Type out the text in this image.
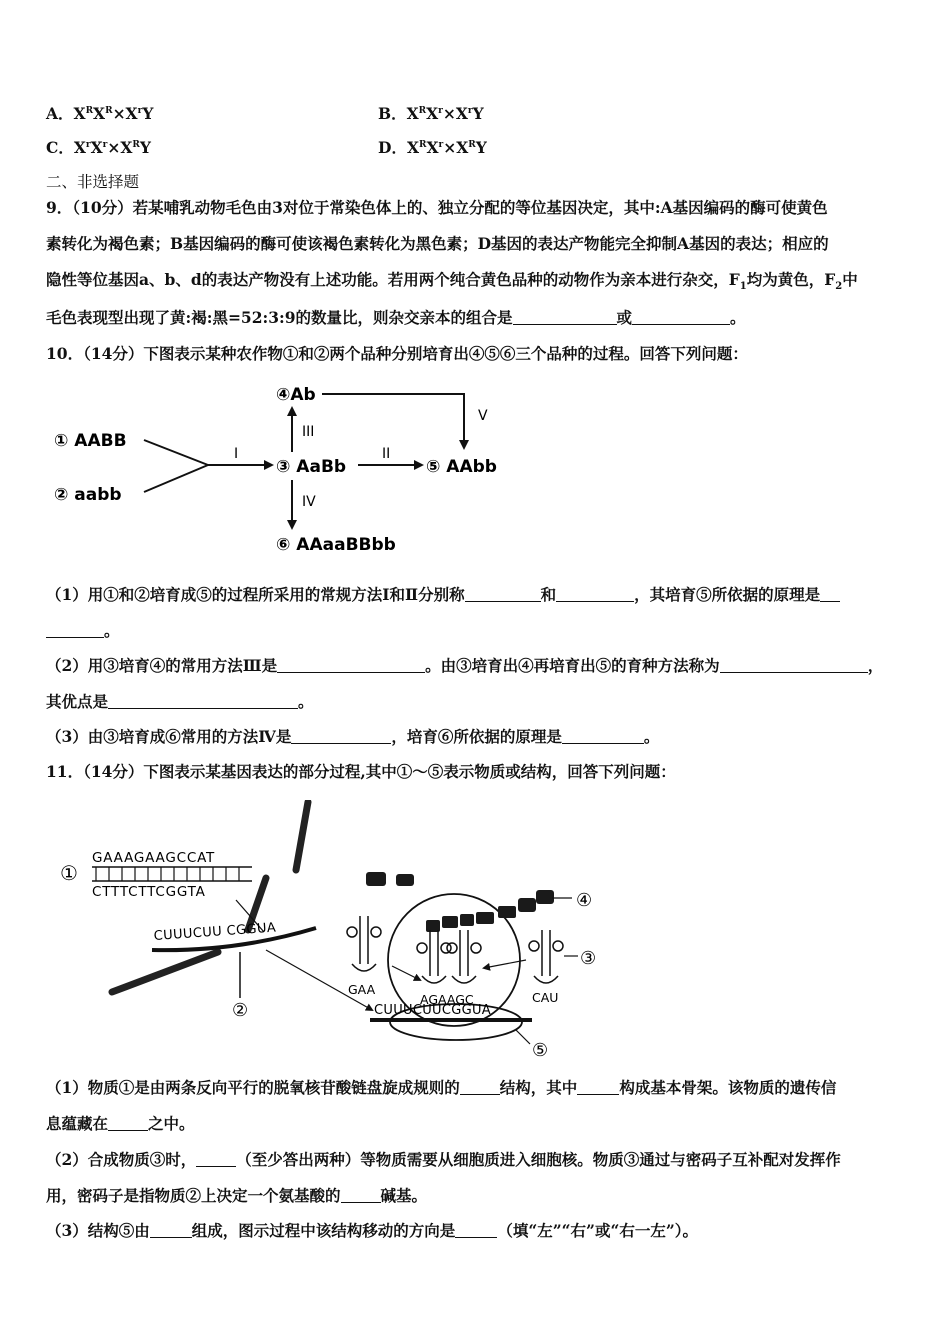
A．$X^RX^R\times X^rY$	B．$X^RX^r\times X^rY$
C．$X^rX^r\times X^RY$	D．$X^RX^r\times X^RY$
二、非选择题
9．（10分）若某哺乳动物毛色由3对位于常染色体上的、独立分配的等位基因决定，其中:A基因编码的酶可使黄色
素转化为褐色素；B基因编码的酶可使该褐色素转化为黑色素；D基因的表达产物能完全抑制A基因的表达；相应的
隐性等位基因a、b、d的表达产物没有上述功能。若用两个纯合黄色品种的动物作为亲本进行杂交，$F_1$均为黄色，$F_2$中
毛色表现型出现了黄:褐:黑=52:3:9的数量比，则杂交亲本的组合是	或	。
10．（14分）下图表示某种农作物①和②两个品种分别培育出④⑤⑥三个品种的过程。回答下列问题：
① AABB
② aabb
③ AaBb
④Ab
⑤ AAbb
⑥ AAaaBBbb
I	II
III
IV
V
（1）用①和②培育成⑤的过程所采用的常规方法Ⅰ和Ⅱ分别称	和	，其培育⑤所依据的原理是
。
（2）用③培育④的常用方法Ⅲ是	。由③培育出④再培育出⑤的育种方法称为	，
其优点是	。
（3）由③培育成⑥常用的方法Ⅳ是	，培育⑥所依据的原理是	。
11．（14分）下图表示某基因表达的部分过程,其中①～⑤表示物质或结构，回答下列问题：
①
GAAAGAAGCCAT
CTTTCTTCGGTA
CUUUCUU CGGUA
②	CUUUCUUCGGUA
⑤
④
GAA
AGAAGC	CAU
③
（1）物质①是由两条反向平行的脱氧核苷酸链盘旋成规则的	结构，其中	构成基本骨架。该物质的遗传信
息蕴藏在	之中。
（2）合成物质③时，	（至少答出两种）等物质需要从细胞质进入细胞核。物质③通过与密码子互补配对发挥作
用，密码子是指物质②上决定一个氨基酸的	碱基。
（3）结构⑤由	组成，图示过程中该结构移动的方向是	（填“左”“右”或“右一左”）。
